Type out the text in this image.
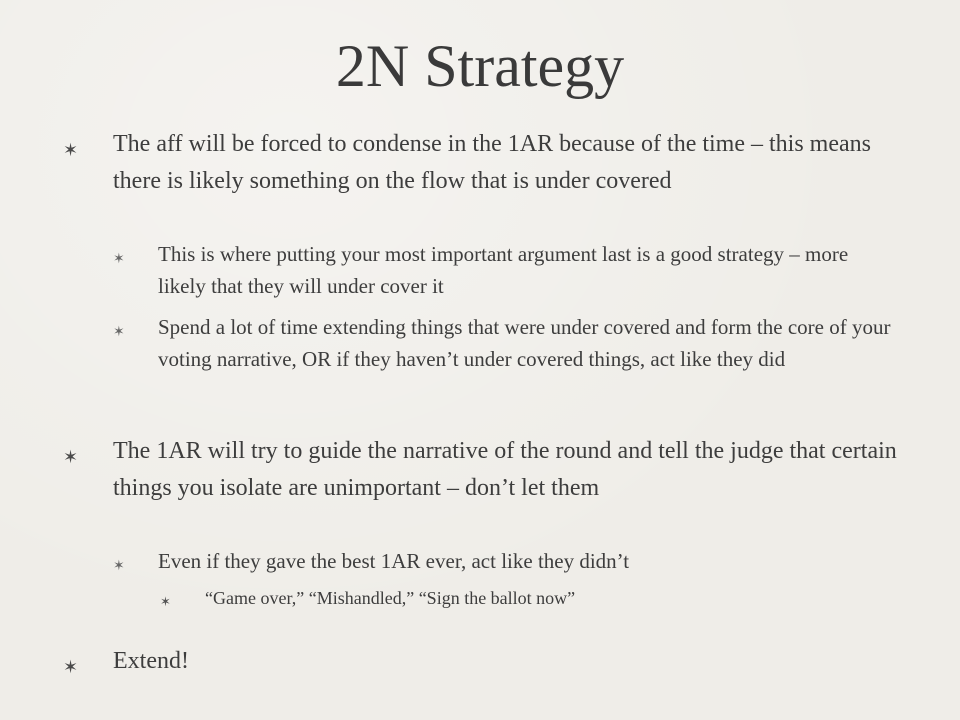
2N Strategy
✶ The aff will be forced to condense in the 1AR because of the time – this means there is likely something on the flow that is under covered
✶ This is where putting your most important argument last is a good strategy – more likely that they will under cover it
✶ Spend a lot of time extending things that were under covered and form the core of your voting narrative, OR if they haven’t under covered things, act like they did
✶ The 1AR will try to guide the narrative of the round and tell the judge that certain things you isolate are unimportant – don’t let them
✶ Even if they gave the best 1AR ever, act like they didn’t
✶ “Game over,” “Mishandled,” “Sign the ballot now”
✶ Extend!
